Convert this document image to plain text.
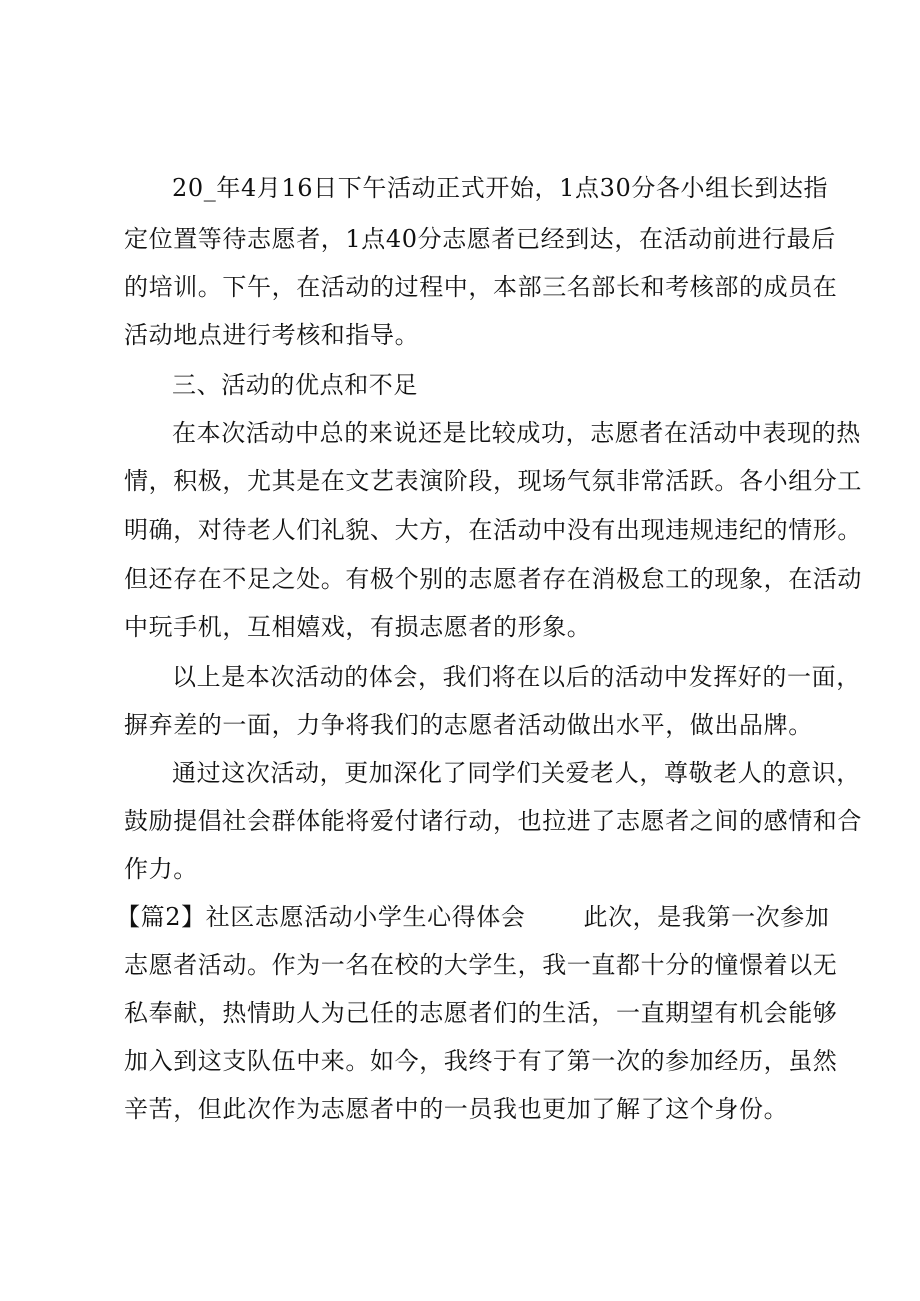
20_年4月16日下午活动正式开始，1点30分各小组长到达指
定位置等待志愿者，1点40分志愿者已经到达，在活动前进行最后
的培训。下午，在活动的过程中，本部三名部长和考核部的成员在
活动地点进行考核和指导。
三、活动的优点和不足
在本次活动中总的来说还是比较成功，志愿者在活动中表现的热
情，积极，尤其是在文艺表演阶段，现场气氛非常活跃。各小组分工
明确，对待老人们礼貌、大方，在活动中没有出现违规违纪的情形。
但还存在不足之处。有极个别的志愿者存在消极怠工的现象，在活动
中玩手机，互相嬉戏，有损志愿者的形象。
以上是本次活动的体会，我们将在以后的活动中发挥好的一面，
摒弃差的一面，力争将我们的志愿者活动做出水平，做出品牌。
通过这次活动，更加深化了同学们关爱老人，尊敬老人的意识，
鼓励提倡社会群体能将爱付诸行动，也拉进了志愿者之间的感情和合
作力。
【篇2】社区志愿活动小学生心得体会 此次，是我第一次参加
志愿者活动。作为一名在校的大学生，我一直都十分的憧憬着以无
私奉献，热情助人为己任的志愿者们的生活，一直期望有机会能够
加入到这支队伍中来。如今，我终于有了第一次的参加经历，虽然
辛苦，但此次作为志愿者中的一员我也更加了解了这个身份。
